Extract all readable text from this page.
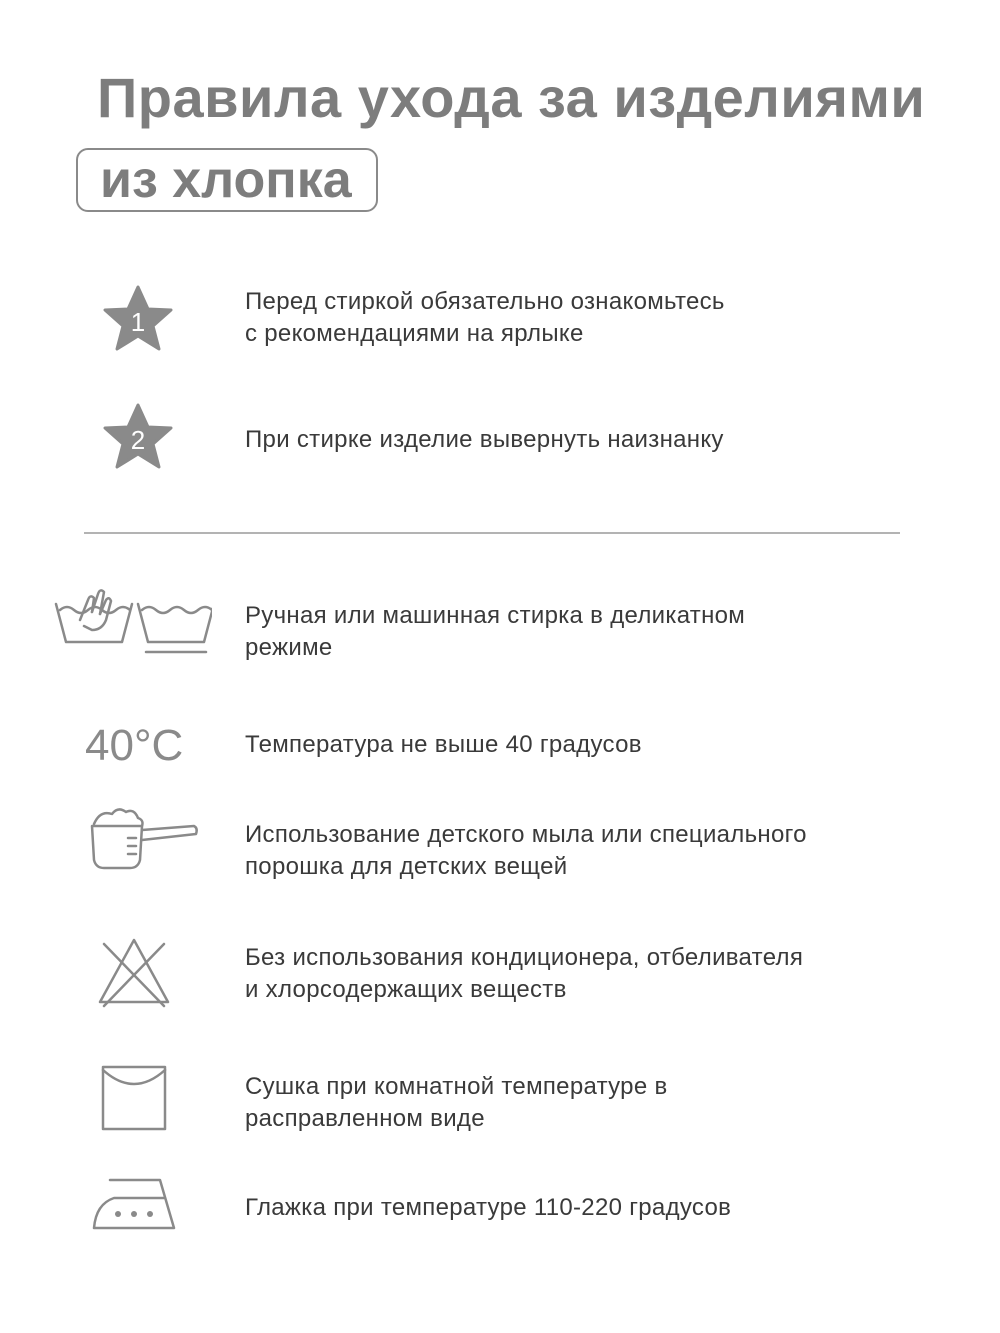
Правила ухода за изделиями
из хлопка
1
Перед стиркой обязательно ознакомьтесь
с рекомендациями на ярлыке
2	При стирке изделие вывернуть наизнанку
Ручная или машинная стирка в деликатном
режиме
40°C	Температура не выше 40 градусов
Использование детского мыла или специального
порошка для детских вещей
Без использования кондиционера, отбеливателя
и хлорсодержащих веществ
Сушка при комнатной температуре в
расправленном виде
Глажка при температуре 110-220 градусов
